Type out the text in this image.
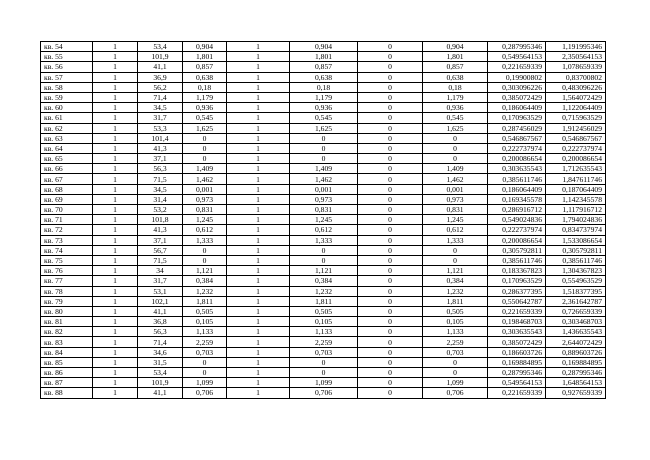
кв. 54	1	53,4	0,904	1	0,904	0	0,904	0,287995346	1,191995346
кв. 55	1	101,9	1,801	1	1,801	0	1,801	0,549564153	2,350564153
кв. 56	1	41,1	0,857	1	0,857	0	0,857	0,221659339	1,078659339
кв. 57	1	36,9	0,638	1	0,638	0	0,638	0,19900802	0,83700802
кв. 58	1	56,2	0,18	1	0,18	0	0,18	0,303096226	0,483096226
кв. 59	1	71,4	1,179	1	1,179	0	1,179	0,385072429	1,564072429
кв. 60	1	34,5	0,936	1	0,936	0	0,936	0,186064409	1,122064409
кв. 61	1	31,7	0,545	1	0,545	0	0,545	0,170963529	0,715963529
кв. 62	1	53,3	1,625	1	1,625	0	1,625	0,287456029	1,912456029
кв. 63	1	101,4	0	1	0	0	0	0,546867567	0,546867567
кв. 64	1	41,3	0	1	0	0	0	0,222737974	0,222737974
кв. 65	1	37,1	0	1	0	0	0	0,200086654	0,200086654
кв. 66	1	56,3	1,409	1	1,409	0	1,409	0,303635543	1,712635543
кв. 67	1	71,5	1,462	1	1,462	0	1,462	0,385611746	1,847611746
кв. 68	1	34,5	0,001	1	0,001	0	0,001	0,186064409	0,187064409
кв. 69	1	31,4	0,973	1	0,973	0	0,973	0,169345578	1,142345578
кв. 70	1	53,2	0,831	1	0,831	0	0,831	0,286916712	1,117916712
кв. 71	1	101,8	1,245	1	1,245	0	1,245	0,549024836	1,794024836
кв. 72	1	41,3	0,612	1	0,612	0	0,612	0,222737974	0,834737974
кв. 73	1	37,1	1,333	1	1,333	0	1,333	0,200086654	1,533086654
кв. 74	1	56,7	0	1	0	0	0	0,305792811	0,305792811
кв. 75	1	71,5	0	1	0	0	0	0,385611746	0,385611746
кв. 76	1	34	1,121	1	1,121	0	1,121	0,183367823	1,304367823
кв. 77	1	31,7	0,384	1	0,384	0	0,384	0,170963529	0,554963529
кв. 78	1	53,1	1,232	1	1,232	0	1,232	0,286377395	1,518377395
кв. 79	1	102,1	1,811	1	1,811	0	1,811	0,550642787	2,361642787
кв. 80	1	41,1	0,505	1	0,505	0	0,505	0,221659339	0,726659339
кв. 81	1	36,8	0,105	1	0,105	0	0,105	0,198468703	0,303468703
кв. 82	1	56,3	1,133	1	1,133	0	1,133	0,303635543	1,436635543
кв. 83	1	71,4	2,259	1	2,259	0	2,259	0,385072429	2,644072429
кв. 84	1	34,6	0,703	1	0,703	0	0,703	0,186603726	0,889603726
кв. 85	1	31,5	0	1	0	0	0	0,169884895	0,169884895
кв. 86	1	53,4	0	1	0	0	0	0,287995346	0,287995346
кв. 87	1	101,9	1,099	1	1,099	0	1,099	0,549564153	1,648564153
кв. 88	1	41,1	0,706	1	0,706	0	0,706	0,221659339	0,927659339
